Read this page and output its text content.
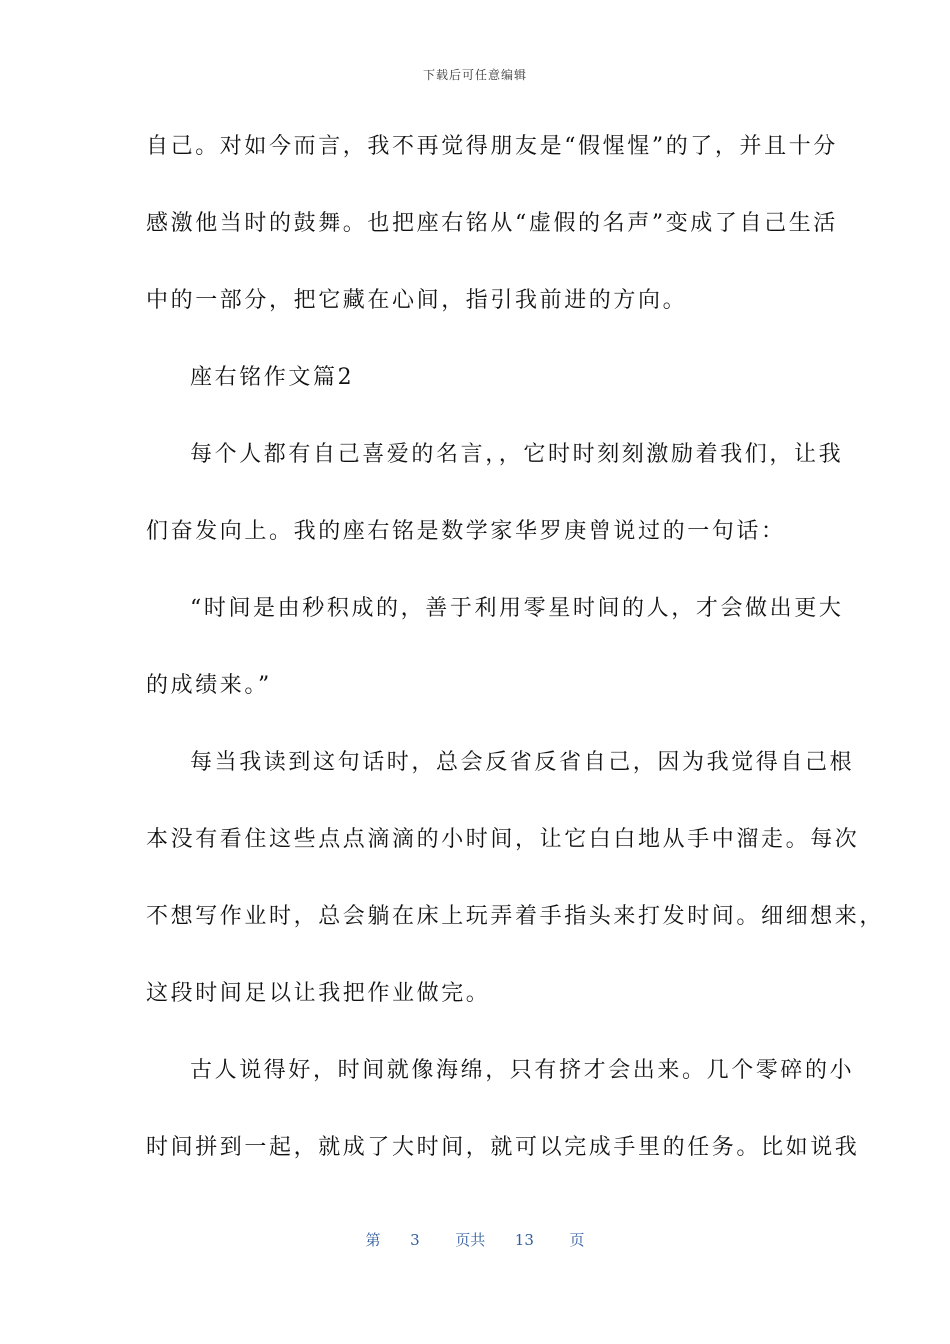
下载后可任意编辑
自己。对如今而言，我不再觉得朋友是“假惺惺”的了，并且十分
感激他当时的鼓舞。也把座右铭从“虚假的名声”变成了自己生活
中的一部分，把它藏在心间，指引我前进的方向。
座右铭作文篇2
每个人都有自己喜爱的名言，，它时时刻刻激励着我们，让我
们奋发向上。我的座右铭是数学家华罗庚曾说过的一句话：
“时间是由秒积成的，善于利用零星时间的人，才会做出更大
的成绩来。”
每当我读到这句话时，总会反省反省自己，因为我觉得自己根
本没有看住这些点点滴滴的小时间，让它白白地从手中溜走。每次
不想写作业时，总会躺在床上玩弄着手指头来打发时间。细细想来，
这段时间足以让我把作业做完。
古人说得好，时间就像海绵，只有挤才会出来。几个零碎的小
时间拼到一起，就成了大时间，就可以完成手里的任务。比如说我
第 3 页共 13 页
